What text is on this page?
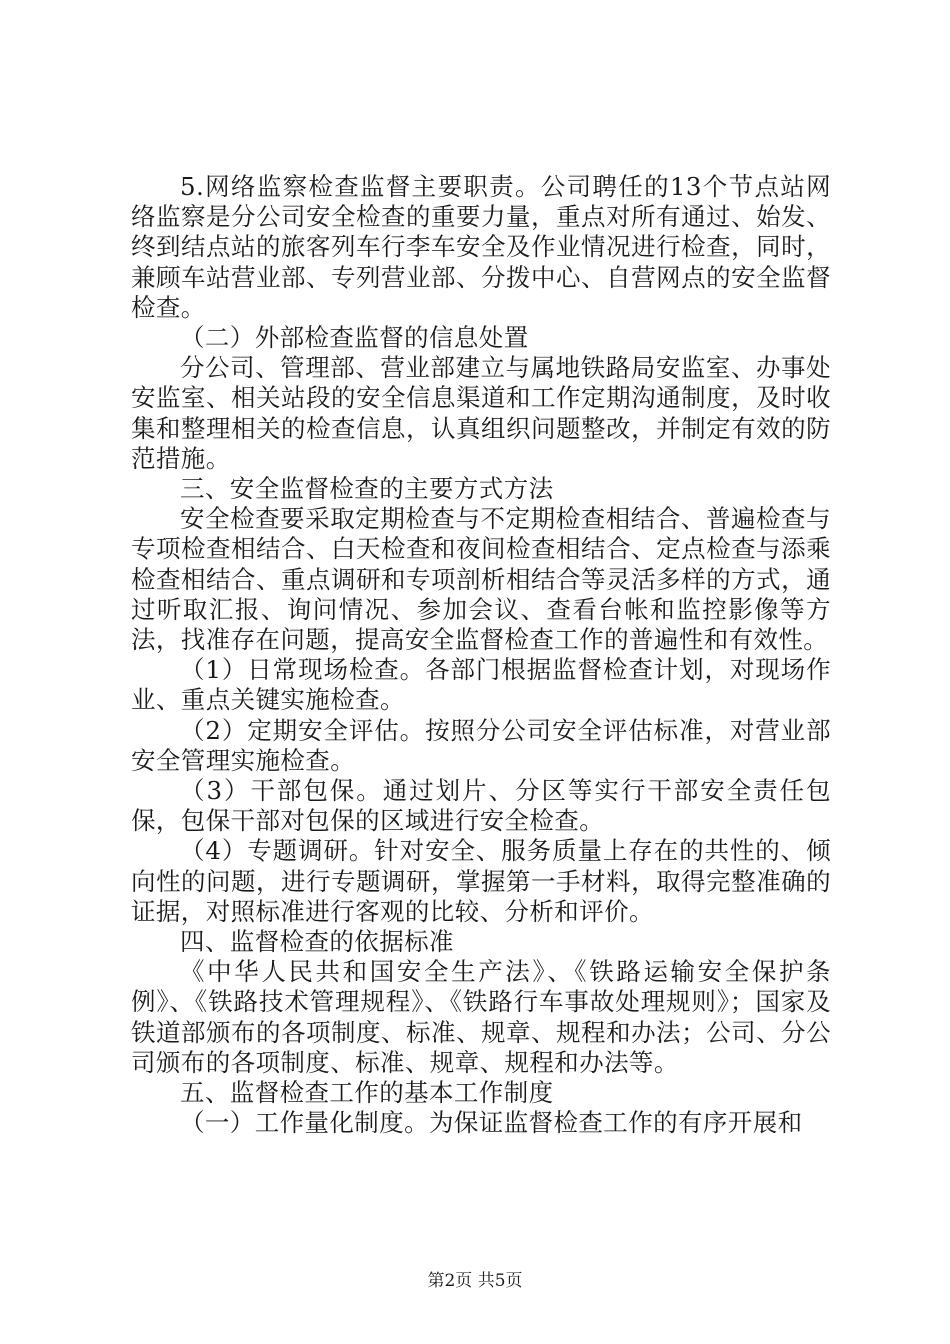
5.网络监察检查监督主要职责。公司聘任的13个节点站网络监察是分公司安全检查的重要力量，重点对所有通过、始发、终到结点站的旅客列车行李车安全及作业情况进行检查，同时，兼顾车站营业部、专列营业部、分拨中心、自营网点的安全监督检查。

（二）外部检查监督的信息处置

分公司、管理部、营业部建立与属地铁路局安监室、办事处安监室、相关站段的安全信息渠道和工作定期沟通制度，及时收集和整理相关的检查信息，认真组织问题整改，并制定有效的防范措施。

三、安全监督检查的主要方式方法

安全检查要采取定期检查与不定期检查相结合、普遍检查与专项检查相结合、白天检查和夜间检查相结合、定点检查与添乘检查相结合、重点调研和专项剖析相结合等灵活多样的方式，通过听取汇报、询问情况、参加会议、查看台帐和监控影像等方法，找准存在问题，提高安全监督检查工作的普遍性和有效性。

（1）日常现场检查。各部门根据监督检查计划，对现场作业、重点关键实施检查。

（2）定期安全评估。按照分公司安全评估标准，对营业部安全管理实施检查。

（3）干部包保。通过划片、分区等实行干部安全责任包保，包保干部对包保的区域进行安全检查。

（4）专题调研。针对安全、服务质量上存在的共性的、倾向性的问题，进行专题调研，掌握第一手材料，取得完整准确的证据，对照标准进行客观的比较、分析和评价。

四、监督检查的依据标准

《中华人民共和国安全生产法》、《铁路运输安全保护条例》、《铁路技术管理规程》、《铁路行车事故处理规则》；国家及铁道部颁布的各项制度、标准、规章、规程和办法；公司、分公司颁布的各项制度、标准、规章、规程和办法等。

五、监督检查工作的基本工作制度

（一）工作量化制度。为保证监督检查工作的有序开展和

第2页 共5页
